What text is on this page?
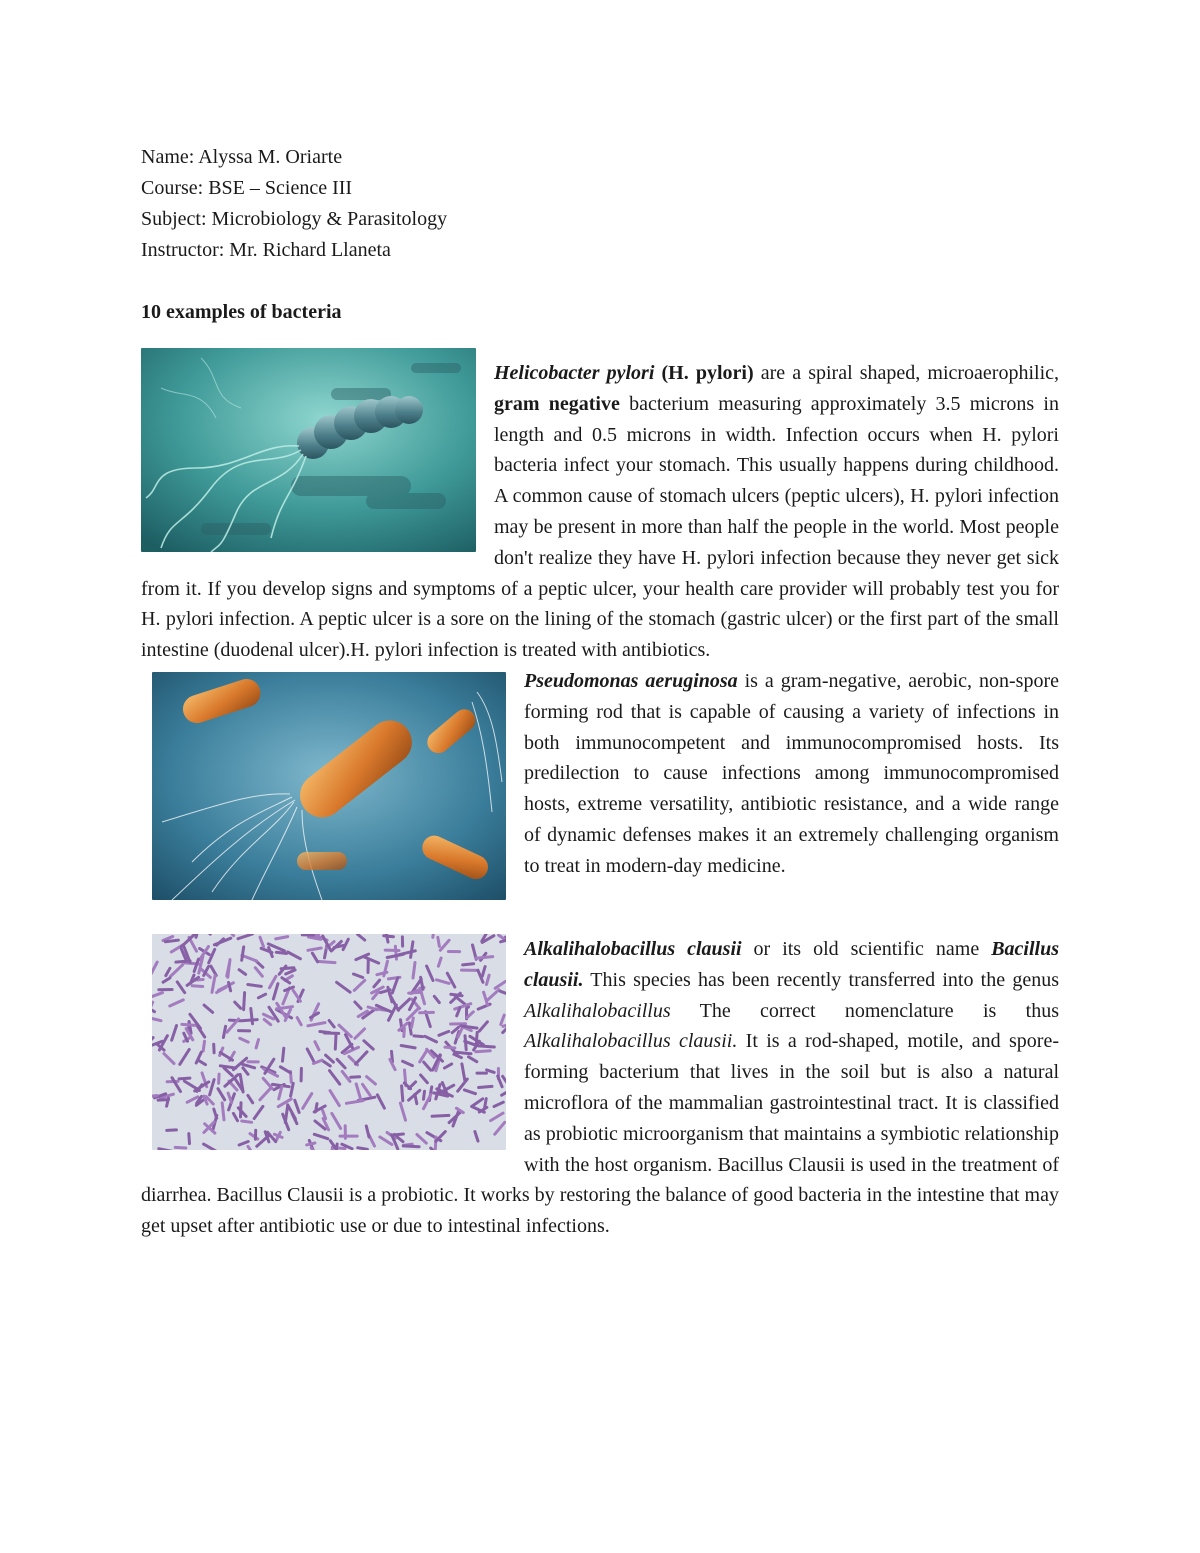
Name: Alyssa M. Oriarte

Course: BSE – Science III

Subject: Microbiology & Parasitology

Instructor: Mr. Richard Llaneta

10 examples of bacteria

Helicobacter pylori (H. pylori) are a spiral shaped, microaerophilic, gram negative bacterium measuring approximately 3.5 microns in length and 0.5 microns in width. Infection occurs when H. pylori bacteria infect your stomach. This usually happens during childhood. A common cause of stomach ulcers (peptic ulcers), H. pylori infection may be present in more than half the people in the world. Most people don't realize they have H. pylori infection because they never get sick from it. If you develop signs and symptoms of a peptic ulcer, your health care provider will probably test you for H. pylori infection. A peptic ulcer is a sore on the lining of the stomach (gastric ulcer) or the first part of the small intestine (duodenal ulcer).H. pylori infection is treated with antibiotics.
Pseudomonas aeruginosa is a gram-negative, aerobic, non-spore forming rod that is capable of causing a variety of infections in both immunocompetent and immunocompromised hosts. Its predilection to cause infections among immunocompromised hosts, extreme versatility, antibiotic resistance, and a wide range of dynamic defenses makes it an extremely challenging organism to treat in modern-day medicine.
Alkalihalobacillus clausii or its old scientific name Bacillus clausii. This species has been recently transferred into the genus Alkalihalobacillus The correct nomenclature is thus Alkalihalobacillus clausii. It is a rod-shaped, motile, and spore-forming bacterium that lives in the soil but is also a natural microflora of the mammalian gastrointestinal tract. It is classified as probiotic microorganism that maintains a symbiotic relationship with the host organism. Bacillus Clausii is used in the treatment of diarrhea. Bacillus Clausii is a probiotic. It works by restoring the balance of good bacteria in the intestine that may get upset after antibiotic use or due to intestinal infections.
